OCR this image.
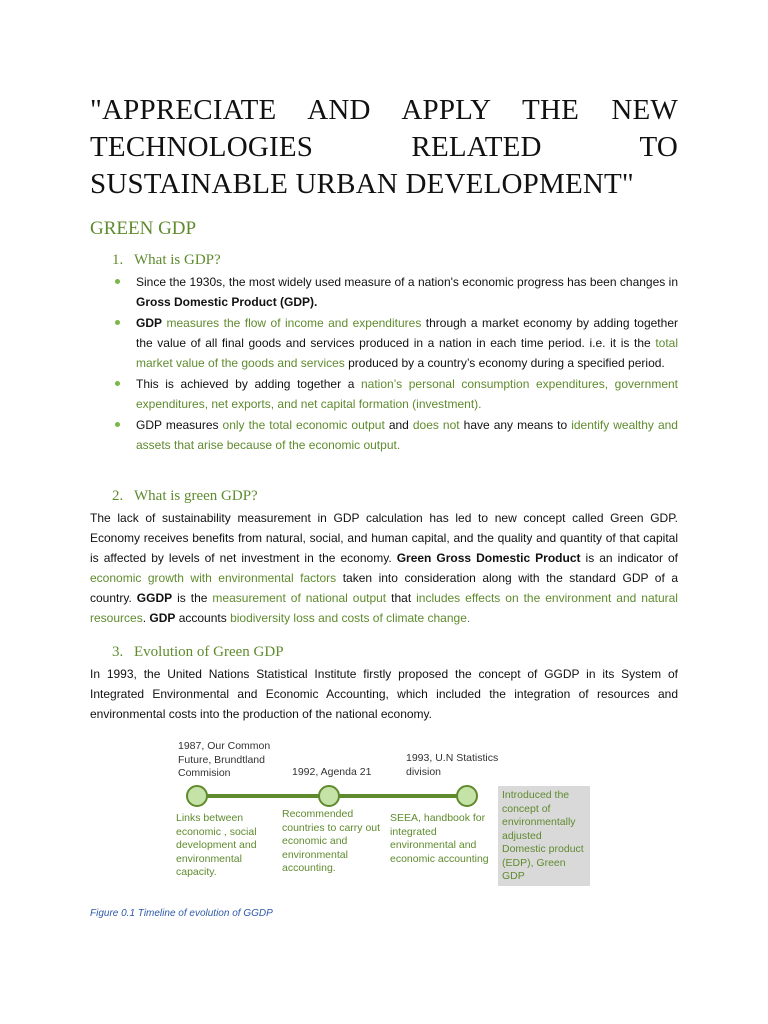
"APPRECIATE AND APPLY THE NEW TECHNOLOGIES RELATED TO SUSTAINABLE URBAN DEVELOPMENT"
GREEN GDP
1. What is GDP?
Since the 1930s, the most widely used measure of a nation's economic progress has been changes in Gross Domestic Product (GDP).
GDP measures the flow of income and expenditures through a market economy by adding together the value of all final goods and services produced in a nation in each time period. i.e. it is the total market value of the goods and services produced by a country’s economy during a specified period.
This is achieved by adding together a nation’s personal consumption expenditures, government expenditures, net exports, and net capital formation (investment).
GDP measures only the total economic output and does not have any means to identify wealthy and assets that arise because of the economic output.
2. What is green GDP?

The lack of sustainability measurement in GDP calculation has led to new concept called Green GDP. Economy receives benefits from natural, social, and human capital, and the quality and quantity of that capital is affected by levels of net investment in the economy. Green Gross Domestic Product is an indicator of economic growth with environmental factors taken into consideration along with the standard GDP of a country. GGDP is the measurement of national output that includes effects on the environment and natural resources. GDP accounts biodiversity loss and costs of climate change.

3. Evolution of Green GDP

In 1993, the United Nations Statistical Institute firstly proposed the concept of GGDP in its System of Integrated Environmental and Economic Accounting, which included the integration of resources and environmental costs into the production of the national economy.

Figure 0.1 Timeline of evolution of GGDP
1987, Our Common Future, Brundtland Commision	1992, Agenda 21
1993, U.N Statistics division
Links between economic , social development and environmental capacity.
Recommended countries to carry out economic and environmental accounting.
SEEA, handbook for integrated environmental and economic accounting
Introduced the concept of environmentally adjusted Domestic product (EDP), Green GDP
